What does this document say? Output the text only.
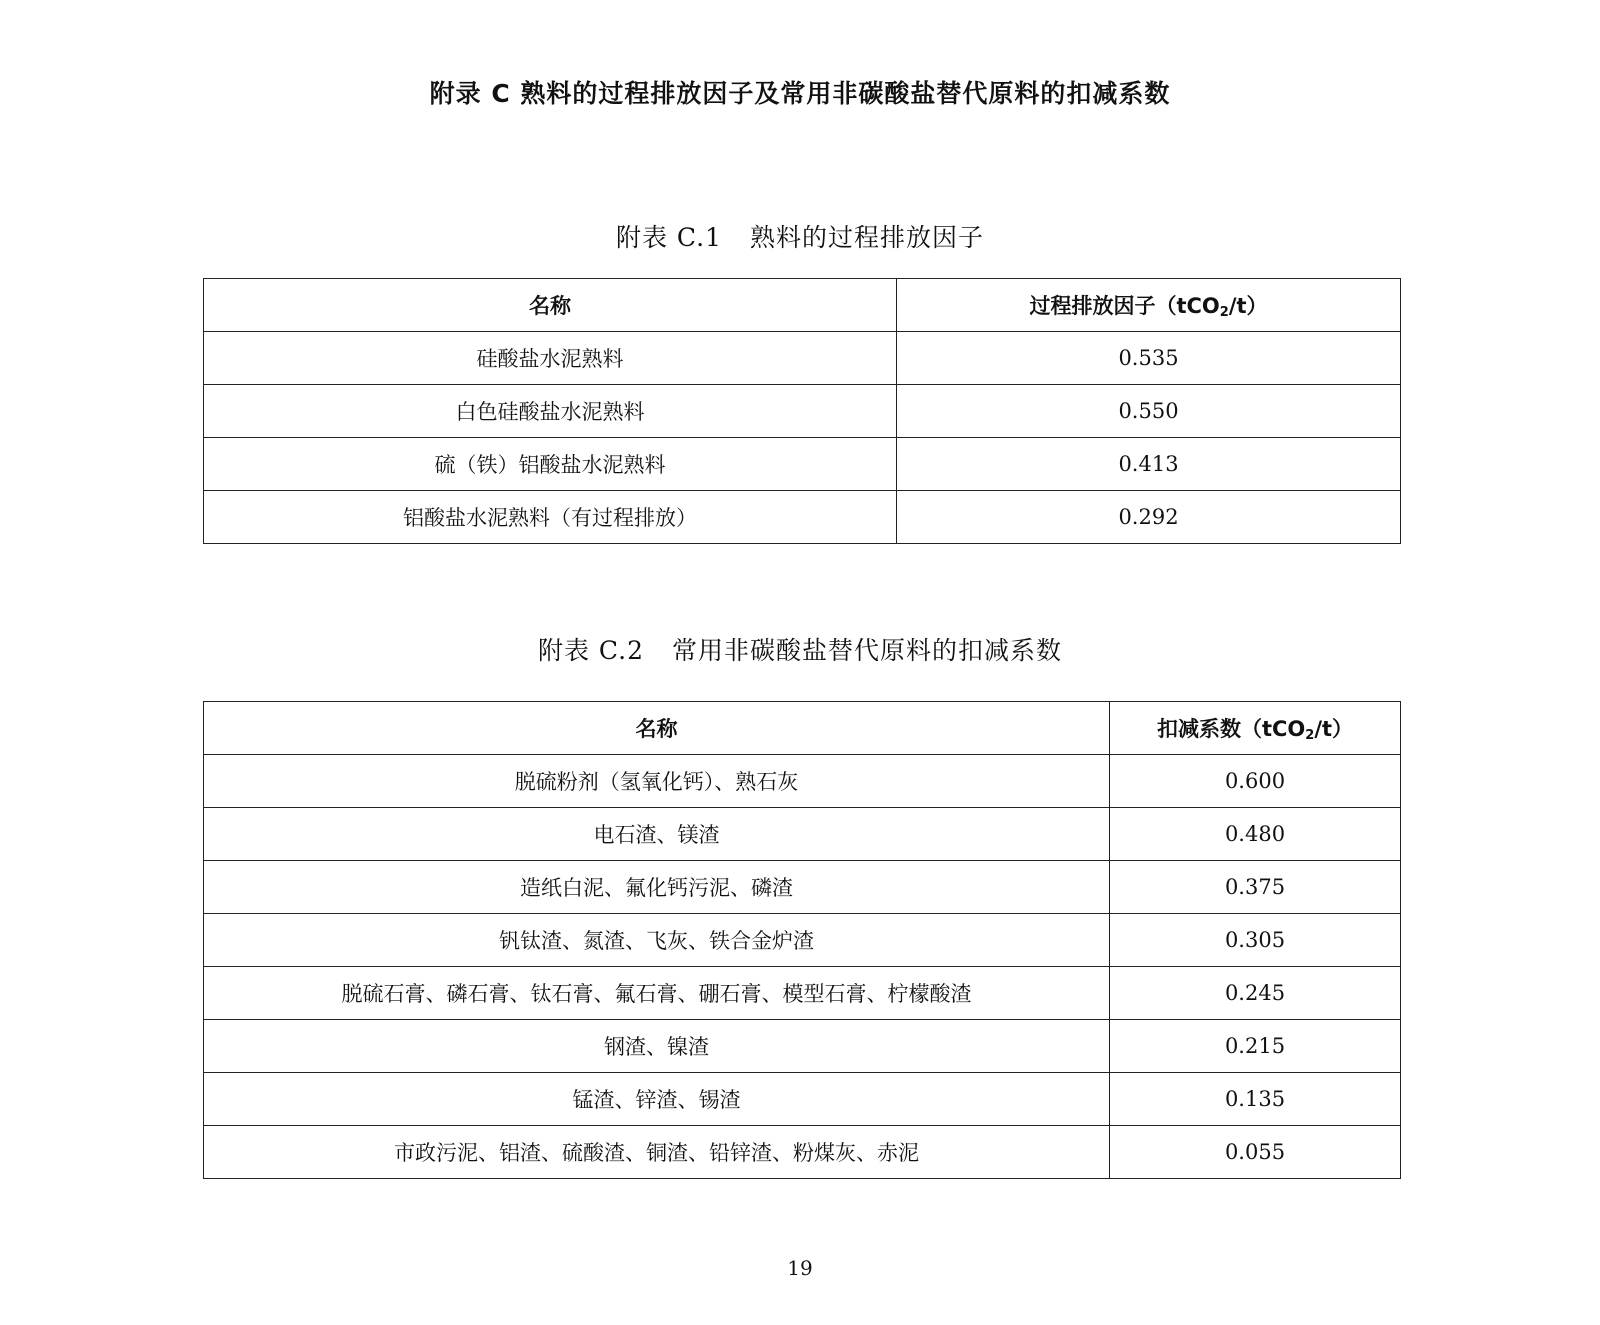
附录 C 熟料的过程排放因子及常用非碳酸盐替代原料的扣减系数
附表 C.1 熟料的过程排放因子
名称	过程排放因子（tCO$_2$/t）
硅酸盐水泥熟料	0.535
白色硅酸盐水泥熟料	0.550
硫（铁）铝酸盐水泥熟料	0.413
铝酸盐水泥熟料（有过程排放）	0.292
附表 C.2 常用非碳酸盐替代原料的扣减系数
名称	扣减系数（tCO$_2$/t）
脱硫粉剂（氢氧化钙）、熟石灰	0.600
电石渣、镁渣	0.480
造纸白泥、氟化钙污泥、磷渣	0.375
钒钛渣、氮渣、飞灰、铁合金炉渣	0.305
脱硫石膏、磷石膏、钛石膏、氟石膏、硼石膏、模型石膏、柠檬酸渣	0.245
钢渣、镍渣	0.215
锰渣、锌渣、锡渣	0.135
市政污泥、铝渣、硫酸渣、铜渣、铅锌渣、粉煤灰、赤泥	0.055
19
